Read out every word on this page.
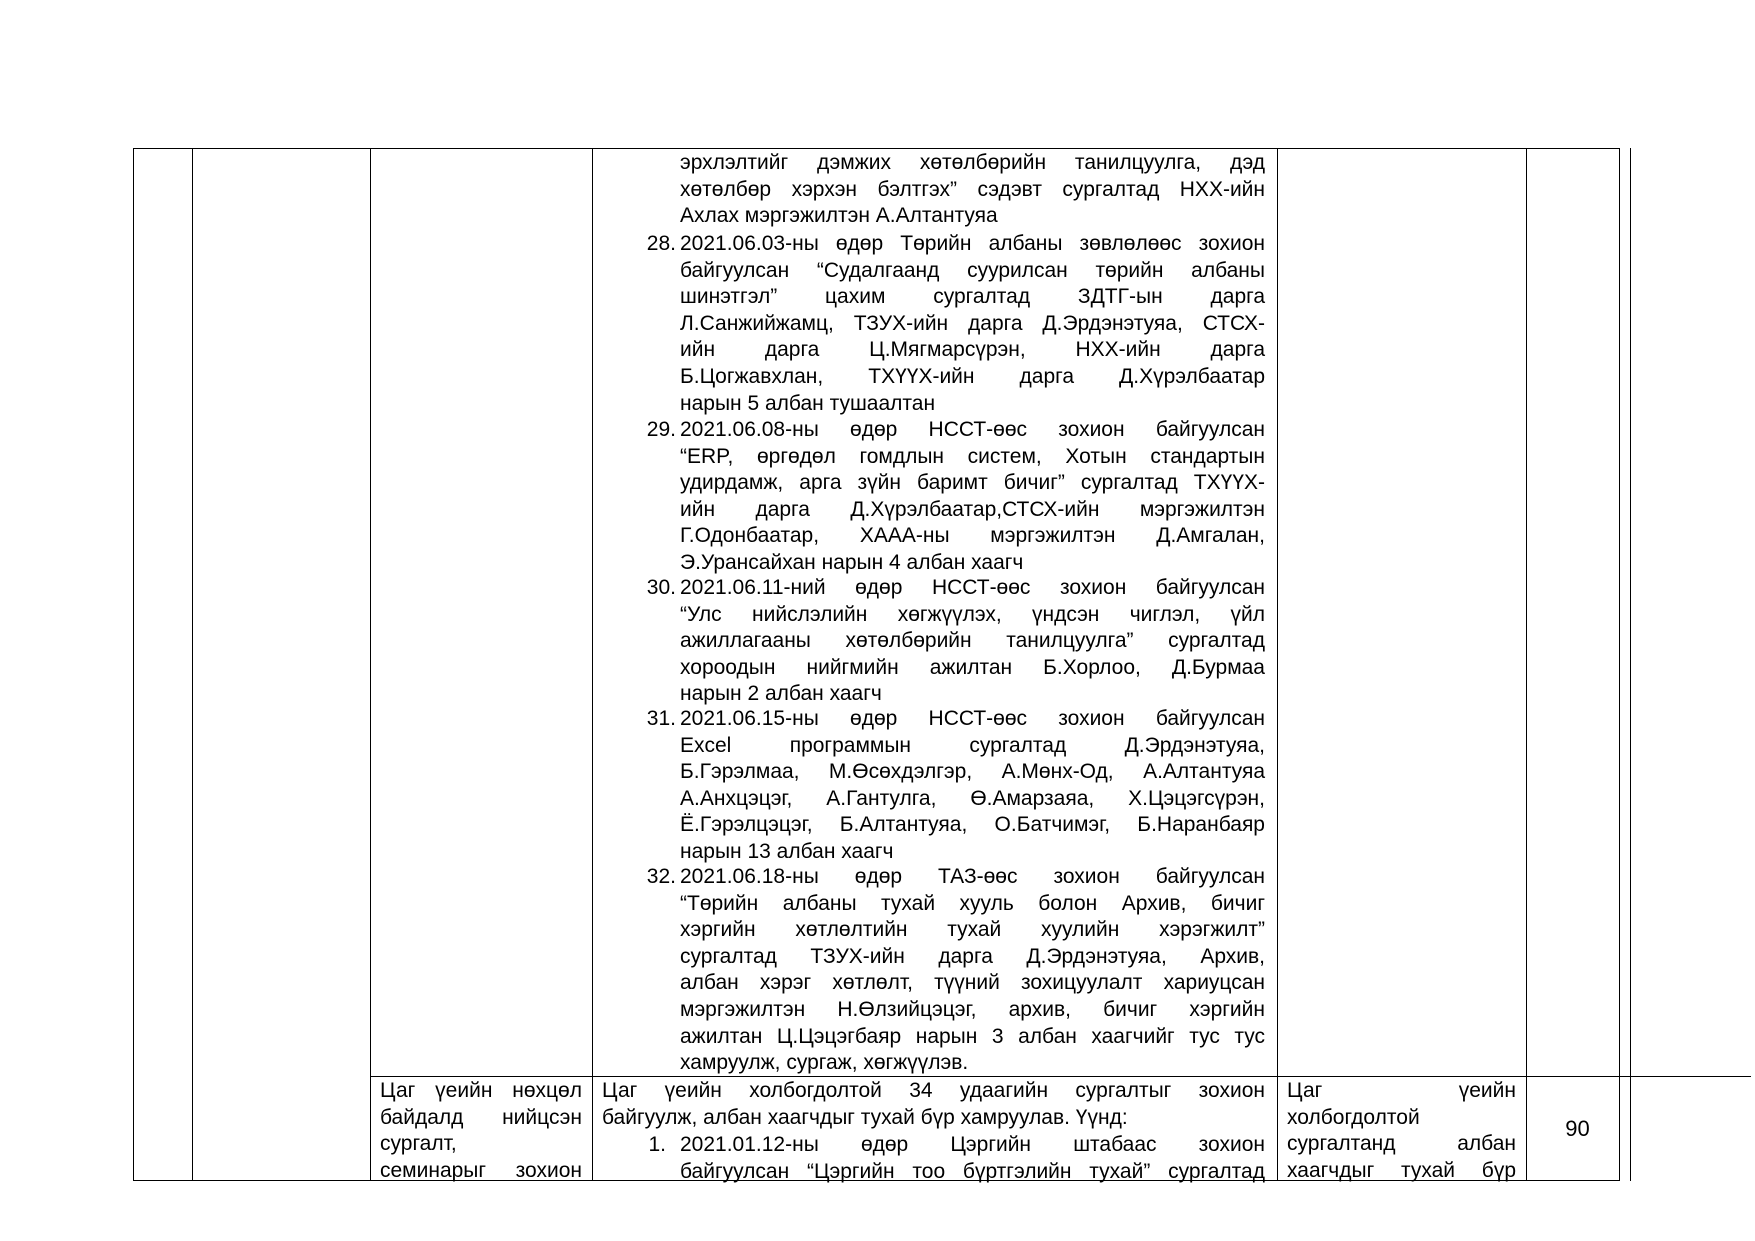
эрхлэлтийг дэмжих хөтөлбөрийн танилцуулга, дэд
хөтөлбөр хэрхэн бэлтгэх” сэдэвт сургалтад НХХ-ийн
Ахлах мэргэжилтэн А.Алтантуяа
28. 2021.06.03-ны өдөр Төрийн албаны зөвлөлөөс зохион
байгуулсан “Судалгаанд суурилсан төрийн албаны
шинэтгэл” цахим сургалтад ЗДТГ-ын дарга
Л.Санжийжамц, ТЗУХ-ийн дарга Д.Эрдэнэтуяа, СТСХ-
ийн дарга Ц.Мягмарсүрэн, НХХ-ийн дарга
Б.Цогжавхлан, ТХҮҮХ-ийн дарга Д.Хүрэлбаатар
нарын 5 албан тушаалтан
29. 2021.06.08-ны өдөр НССТ-өөс зохион байгуулсан
“ERP, өргөдөл гомдлын систем, Хотын стандартын
удирдамж, арга зүйн баримт бичиг” сургалтад ТХҮҮХ-
ийн дарга Д.Хүрэлбаатар,СТСХ-ийн мэргэжилтэн
Г.Одонбаатар, ХААА-ны мэргэжилтэн Д.Амгалан,
Э.Урансайхан нарын 4 албан хаагч
30. 2021.06.11-ний өдөр НССТ-өөс зохион байгуулсан
“Улс нийслэлийн хөгжүүлэх, үндсэн чиглэл, үйл
ажиллагааны хөтөлбөрийн танилцуулга” сургалтад
хороодын нийгмийн ажилтан Б.Хорлоо, Д.Бурмаа
нарын 2 албан хаагч
31. 2021.06.15-ны өдөр НССТ-өөс зохион байгуулсан
Excel программын сургалтад Д.Эрдэнэтуяа,
Б.Гэрэлмаа, М.Өсөхдэлгэр, А.Мөнх-Од, А.Алтантуяа
А.Анхцэцэг, А.Гантулга, Ө.Амарзаяа, Х.Цэцэгсүрэн,
Ё.Гэрэлцэцэг, Б.Алтантуяа, О.Батчимэг, Б.Наранбаяр
нарын 13 албан хаагч
32. 2021.06.18-ны өдөр ТАЗ-өөс зохион байгуулсан
“Төрийн албаны тухай хууль болон Архив, бичиг
хэргийн хөтлөлтийн тухай хуулийн хэрэгжилт”
сургалтад ТЗУХ-ийн дарга Д.Эрдэнэтуяа, Архив,
албан хэрэг хөтлөлт, түүний зохицуулалт хариуцсан
мэргэжилтэн Н.Өлзийцэцэг, архив, бичиг хэргийн
ажилтан Ц.Цэцэгбаяр нарын 3 албан хаагчийг тус тус
хамруулж, сургаж, хөгжүүлэв.
Цаг үеийн нөхцөл
байдалд нийцсэн
сургалт,
семинарыг зохион
Цаг үеийн холбогдолтой 34 удаагийн сургалтыг зохион
байгуулж, албан хаагчдыг тухай бүр хамруулав. Үүнд:
1. 2021.01.12-ны өдөр Цэргийн штабаас зохион
байгуулсан “Цэргийн тоо бүртгэлийн тухай” сургалтад
Цаг үеийн
холбогдолтой
сургалтанд албан
хаагчдыг тухай бүр
90
